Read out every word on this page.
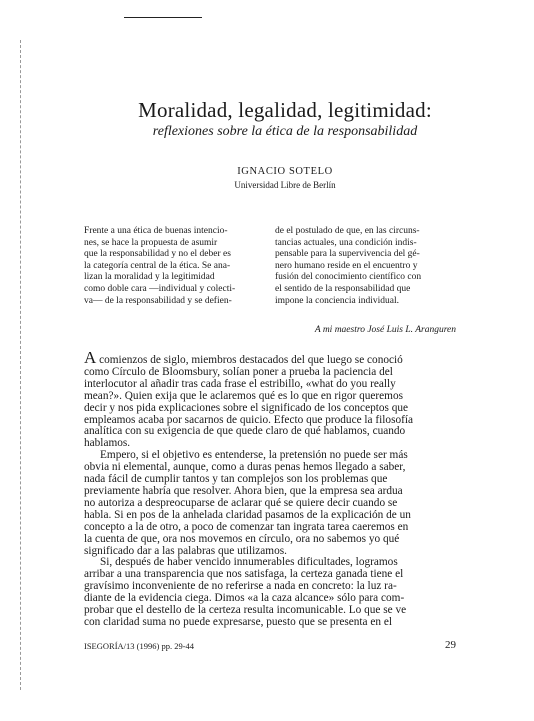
Moralidad, legalidad, legitimidad:

reflexiones sobre la ética de la responsabilidad

IGNACIO SOTELO

Universidad Libre de Berlín

Frente a una ética de buenas intencio-
nes, se hace la propuesta de asumir
que la responsabilidad y no el deber es
la categoría central de la ética. Se ana-
lizan la moralidad y la legitimidad
como doble cara —individual y colecti-
va— de la responsabilidad y se defien-
de el postulado de que, en las circuns-
tancias actuales, una condición indis-
pensable para la supervivencia del gé-
nero humano reside en el encuentro y
fusión del conocimiento científico con
el sentido de la responsabilidad que
impone la conciencia individual.

A mi maestro José Luis L. Aranguren

A comienzos de siglo, miembros destacados del que luego se conoció
como Círculo de Bloomsbury, solían poner a prueba la paciencia del
interlocutor al añadir tras cada frase el estribillo, «what do you really
mean?». Quien exija que le aclaremos qué es lo que en rigor queremos
decir y nos pida explicaciones sobre el significado de los conceptos que
empleamos acaba por sacarnos de quicio. Efecto que produce la filosofía
analítica con su exigencia de que quede claro de qué hablamos, cuando
hablamos.
Empero, si el objetivo es entenderse, la pretensión no puede ser más
obvia ni elemental, aunque, como a duras penas hemos llegado a saber,
nada fácil de cumplir tantos y tan complejos son los problemas que
previamente habría que resolver. Ahora bien, que la empresa sea ardua
no autoriza a despreocuparse de aclarar qué se quiere decir cuando se
habla. Si en pos de la anhelada claridad pasamos de la explicación de un
concepto a la de otro, a poco de comenzar tan ingrata tarea caeremos en
la cuenta de que, ora nos movemos en círculo, ora no sabemos yo qué
significado dar a las palabras que utilizamos.
Si, después de haber vencido innumerables dificultades, logramos
arribar a una transparencia que nos satisfaga, la certeza ganada tiene el
gravísimo inconveniente de no referirse a nada en concreto: la luz ra-
diante de la evidencia ciega. Dimos «a la caza alcance» sólo para com-
probar que el destello de la certeza resulta incomunicable. Lo que se ve
con claridad suma no puede expresarse, puesto que se presenta en el
ISEGORÍA/13 (1996) pp. 29-44	29
